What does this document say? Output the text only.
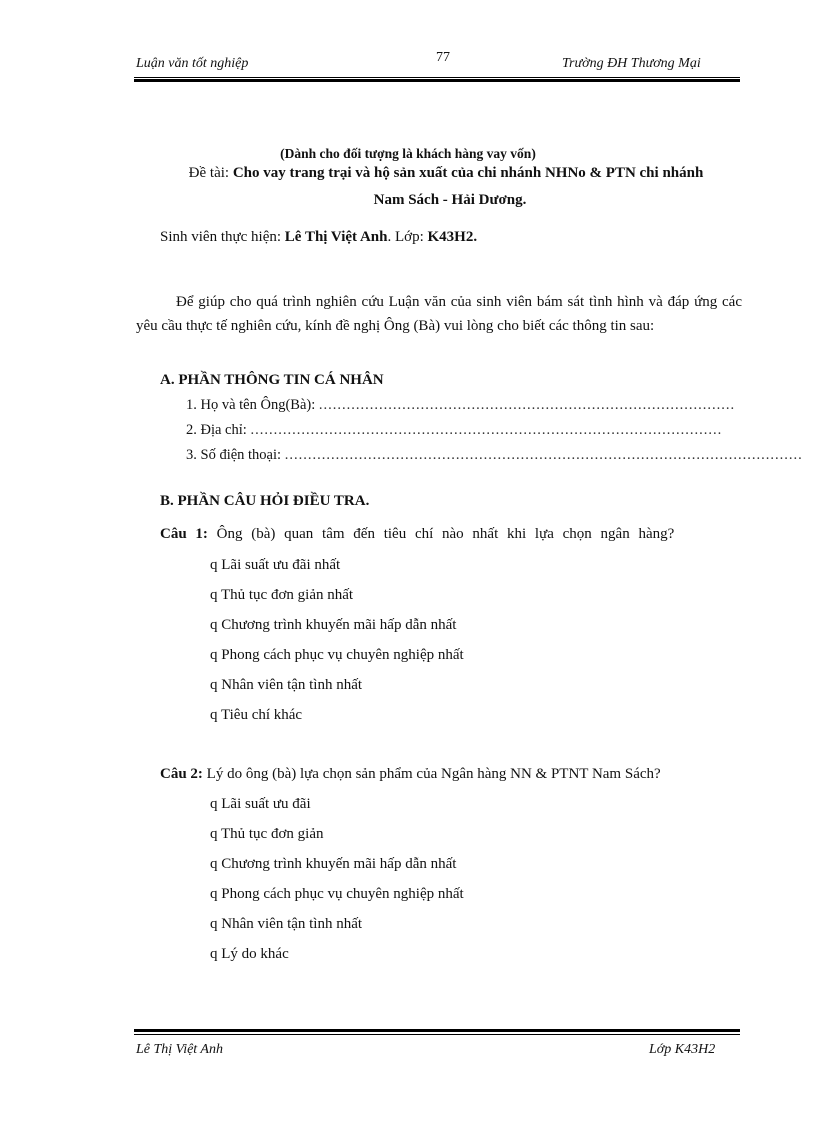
Luận văn tốt nghiệp	77	Trường ĐH Thương Mại
(Dành cho đối tượng là khách hàng vay vốn)
Đề tài: Cho vay trang trại và hộ sản xuất của chi nhánh NHNo & PTN chi nhánh
Nam Sách - Hải Dương.
Sinh viên thực hiện: Lê Thị Việt Anh. Lớp: K43H2.
Để giúp cho quá trình nghiên cứu Luận văn của sinh viên bám sát tình hình và đáp ứng các yêu cầu thực tế nghiên cứu, kính đề nghị Ông (Bà) vui lòng cho biết các thông tin sau:
A. PHẦN THÔNG TIN CÁ NHÂN
1. Họ và tên Ông(Bà): ..........................................................................................
2. Địa chỉ: ......................................................................................................
3. Số điện thoại: ................................................................................................................
B. PHẦN CÂU HỎI ĐIỀU TRA.
Câu 1: Ông (bà) quan tâm đến tiêu chí nào nhất khi lựa chọn ngân hàng?
q Lãi suất ưu đãi nhất
q Thủ tục đơn giản nhất
q Chương trình khuyến mãi hấp dẫn nhất
q Phong cách phục vụ chuyên nghiệp nhất
q Nhân viên tận tình nhất
q Tiêu chí khác
Câu 2: Lý do ông (bà) lựa chọn sản phẩm của Ngân hàng NN & PTNT Nam Sách?
q Lãi suất ưu đãi
q Thủ tục đơn giản
q Chương trình khuyến mãi hấp dẫn nhất
q Phong cách phục vụ chuyên nghiệp nhất
q Nhân viên tận tình nhất
q Lý do khác
Lê Thị Việt Anh	Lớp K43H2
